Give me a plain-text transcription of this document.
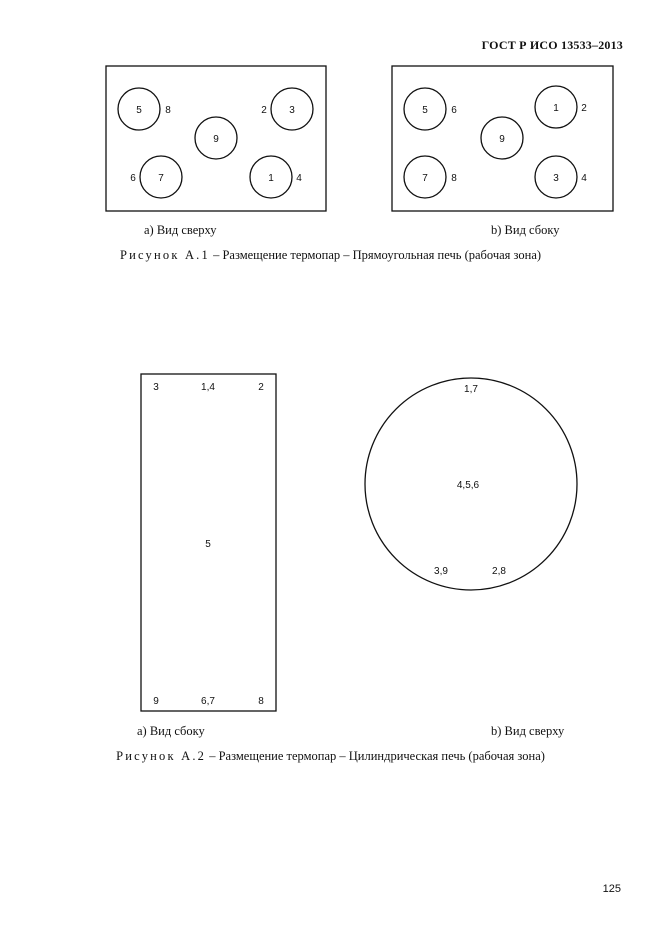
ГОСТ Р ИСО 13533–2013
5	3
9
7	1
8	2
6	4
5	1
9
7	3
6	2
8	4
3	1,4	2
5
9	6,7	8
1,7
4,5,6
3,9	2,8
a) Вид сверху	b) Вид сбоку
Рисунок А.1 – Размещение термопар – Прямоугольная печь (рабочая зона)
a) Вид сбоку	b) Вид сверху
Рисунок А.2 – Размещение термопар – Цилиндрическая печь (рабочая зона)
125
